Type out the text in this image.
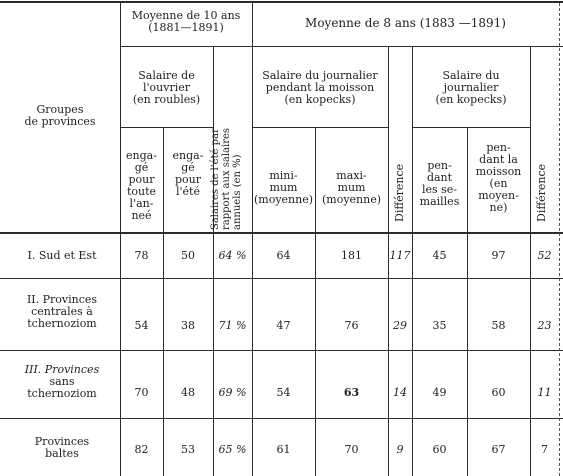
Moyenne de 10 ans
(1881—1891)	Moyenne de 8 ans (1883 —1891)
Groupes
de provinces
Salaire de
l'ouvrier
(en roubles)
Salaire du journalier
pendant la moisson
(en kopecks)
Salaire du
journalier
(en kopecks)
enga-
gé
pour
toute
l'an-
neé
enga-
gé
pour
l'été	Salaires de l'été par rapport aux salaires annuels (en %)	mini-
mum
(moyenne)
maxi-
mum
(moyenne)	Différence	pen-
dant
les se-
mailles
pen-
dant la
moisson
(en
moyen-
ne)	Différence
I. Sud et Est	78	50	64 %	64	181	117	45	97	52
II. Provinces
centrales à
tchernoziom	54	38	71 %	47	76	29	35	58	23
III. Provinces
sans
tchernoziom	70	48	69 %	54	63	14	49	60	11
Provinces
baltes	82	53	65 %	61	70	9	60	67	7
